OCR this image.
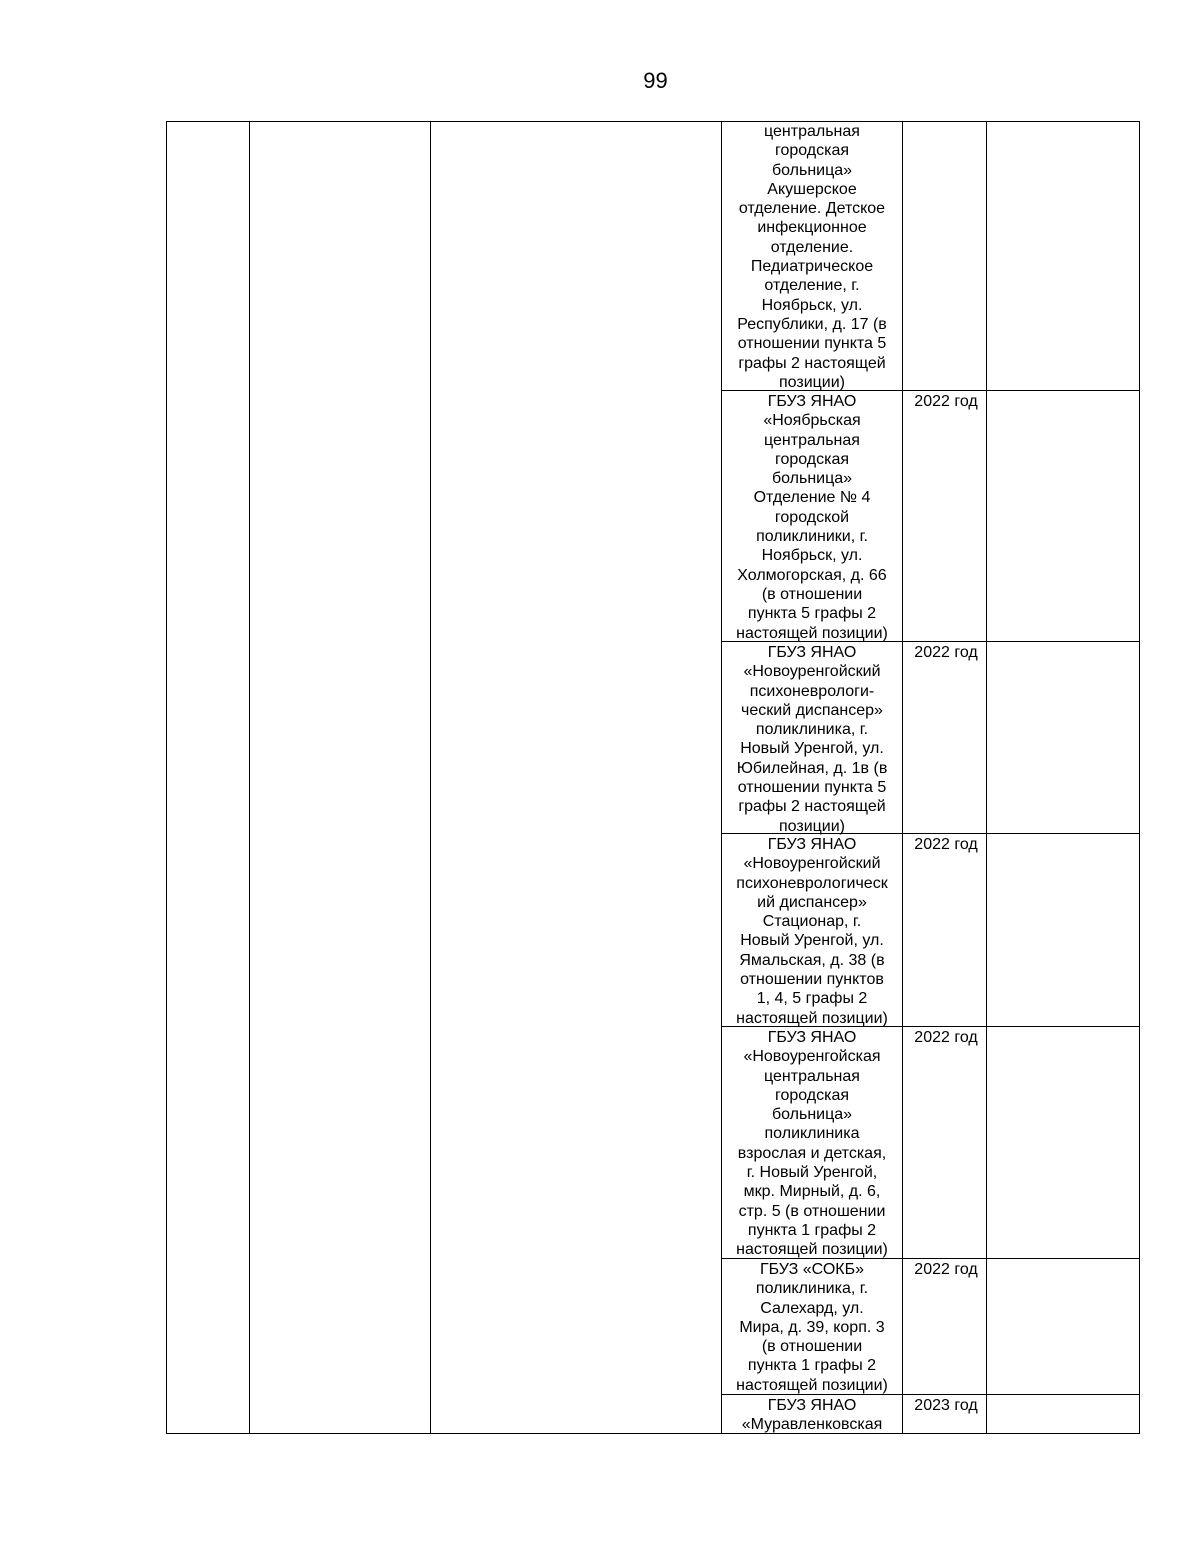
99
центральная
городская
больница»
Акушерское
отделение. Детское
инфекционное
отделение.
Педиатрическое
отделение, г.
Ноябрьск, ул.
Республики, д. 17 (в
отношении пункта 5
графы 2 настоящей
позиции)
ГБУЗ ЯНАО
«Ноябрьская
центральная
городская
больница»
Отделение № 4
городской
поликлиники, г.
Ноябрьск, ул.
Холмогорская, д. 66
(в отношении
пункта 5 графы 2
настоящей позиции)
2022 год
ГБУЗ ЯНАО
«Новоуренгойский
психоневрологи-
ческий диспансер»
поликлиника, г.
Новый Уренгой, ул.
Юбилейная, д. 1в (в
отношении пункта 5
графы 2 настоящей
позиции)
2022 год
ГБУЗ ЯНАО
«Новоуренгойский
психоневрологическ
ий диспансер»
Стационар, г.
Новый Уренгой, ул.
Ямальская, д. 38 (в
отношении пунктов
1, 4, 5 графы 2
настоящей позиции)
2022 год
ГБУЗ ЯНАО
«Новоуренгойская
центральная
городская
больница»
поликлиника
взрослая и детская,
г. Новый Уренгой,
мкр. Мирный, д. 6,
стр. 5 (в отношении
пункта 1 графы 2
настоящей позиции)
2022 год
ГБУЗ «СОКБ»
поликлиника, г.
Салехард, ул.
Мира, д. 39, корп. 3
(в отношении
пункта 1 графы 2
настоящей позиции)
2022 год
ГБУЗ ЯНАО
«Муравленковская
2023 год
